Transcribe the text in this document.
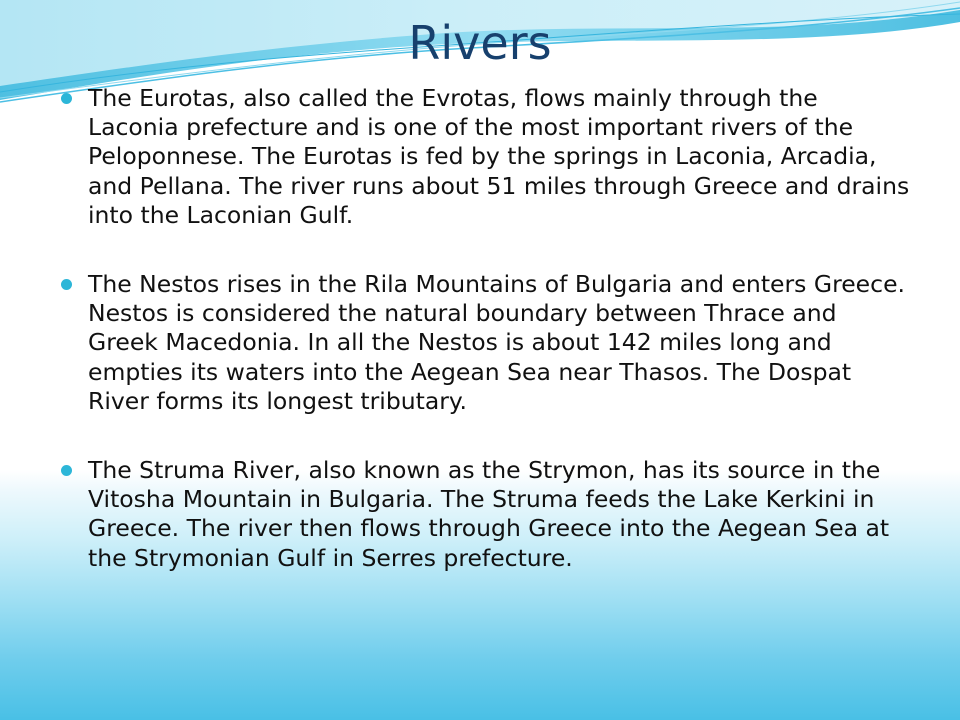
Rivers
The Eurotas, also called the Evrotas, flows mainly through the Laconia prefecture and is one of the most important rivers of the Peloponnese. The Eurotas is fed by the springs in Laconia, Arcadia, and Pellana. The river runs about 51 miles through Greece and drains into the Laconian Gulf.
The Nestos rises in the Rila Mountains of Bulgaria and enters Greece. Nestos is considered the natural boundary between Thrace and Greek Macedonia. In all the Nestos is about 142 miles long and empties its waters into the Aegean Sea near Thasos. The Dospat River forms its longest tributary.
The Struma River, also known as the Strymon, has its source in the Vitosha Mountain in Bulgaria. The Struma feeds the Lake Kerkini in Greece. The river then flows through Greece into the Aegean Sea at the Strymonian Gulf in Serres prefecture.
